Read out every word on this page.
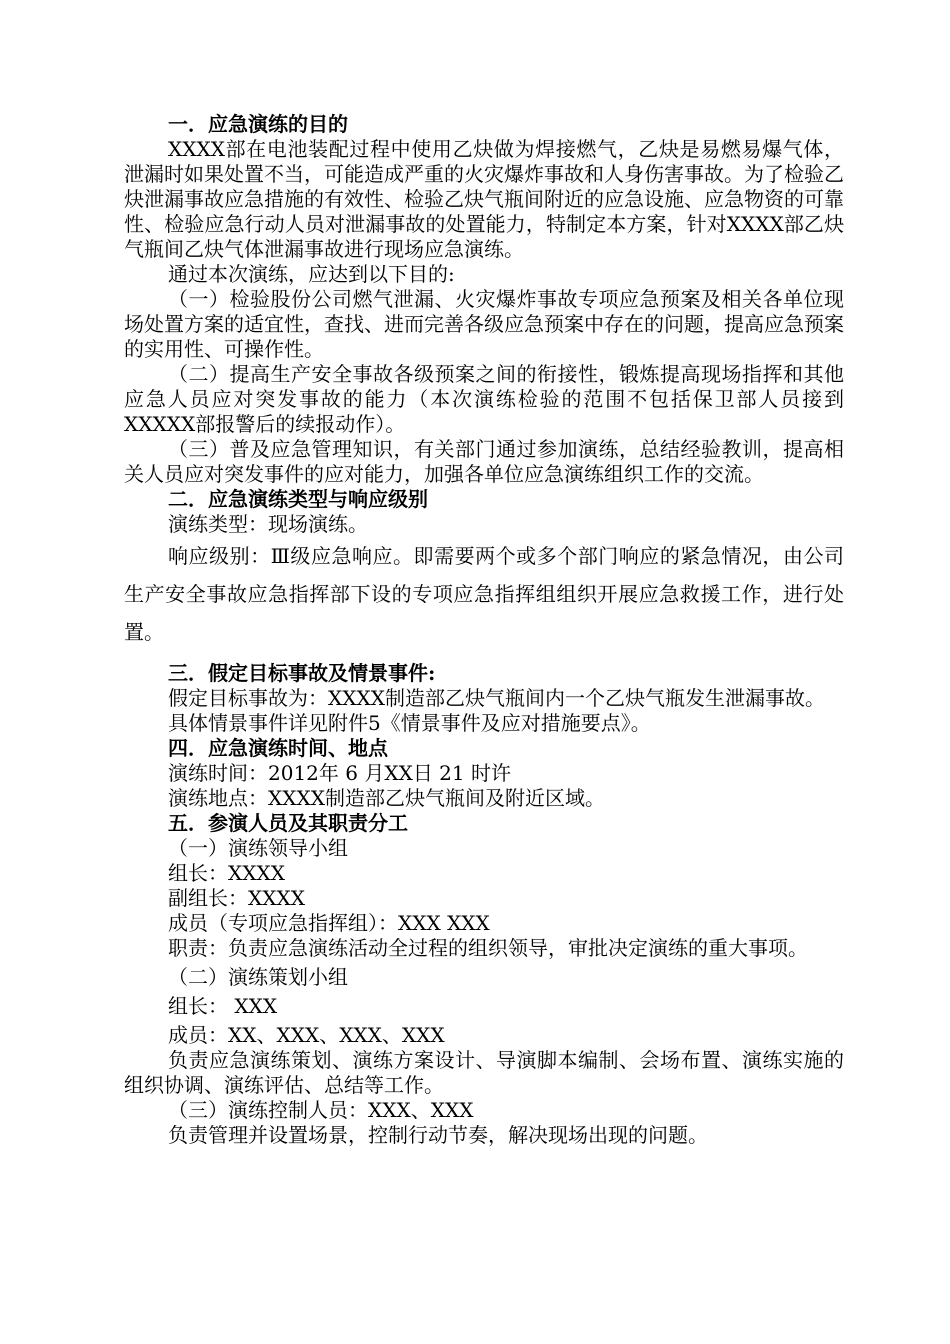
一．应急演练的目的

XXXX部在电池装配过程中使用乙炔做为焊接燃气，乙炔是易燃易爆气体，泄漏时如果处置不当，可能造成严重的火灾爆炸事故和人身伤害事故。为了检验乙炔泄漏事故应急措施的有效性、检验乙炔气瓶间附近的应急设施、应急物资的可靠性、检验应急行动人员对泄漏事故的处置能力，特制定本方案，针对XXXX部乙炔气瓶间乙炔气体泄漏事故进行现场应急演练。

通过本次演练，应达到以下目的:

（一）检验股份公司燃气泄漏、火灾爆炸事故专项应急预案及相关各单位现场处置方案的适宜性，查找、进而完善各级应急预案中存在的问题，提高应急预案的实用性、可操作性。

（二）提高生产安全事故各级预案之间的衔接性，锻炼提高现场指挥和其他应急人员应对突发事故的能力（本次演练检验的范围不包括保卫部人员接到XXXXX部报警后的续报动作）。

（三）普及应急管理知识，有关部门通过参加演练，总结经验教训，提高相关人员应对突发事件的应对能力，加强各单位应急演练组织工作的交流。

二．应急演练类型与响应级别

演练类型：现场演练。

响应级别：Ⅲ级应急响应。即需要两个或多个部门响应的紧急情况，由公司生产安全事故应急指挥部下设的专项应急指挥组组织开展应急救援工作，进行处置。

三．假定目标事故及情景事件:

假定目标事故为：XXXX制造部乙炔气瓶间内一个乙炔气瓶发生泄漏事故。

具体情景事件详见附件5《情景事件及应对措施要点》。

四．应急演练时间、地点

演练时间：2012年 6 月XX日 21 时许

演练地点：XXXX制造部乙炔气瓶间及附近区域。

五．参演人员及其职责分工

（一）演练领导小组

组长：XXXX

副组长：XXXX

成员（专项应急指挥组）：XXX XXX

职责：负责应急演练活动全过程的组织领导，审批决定演练的重大事项。

（二）演练策划小组

组长： XXX

成员：XX、XXX、XXX、XXX

负责应急演练策划、演练方案设计、导演脚本编制、会场布置、演练实施的组织协调、演练评估、总结等工作。

（三）演练控制人员：XXX、XXX

负责管理并设置场景，控制行动节奏，解决现场出现的问题。
